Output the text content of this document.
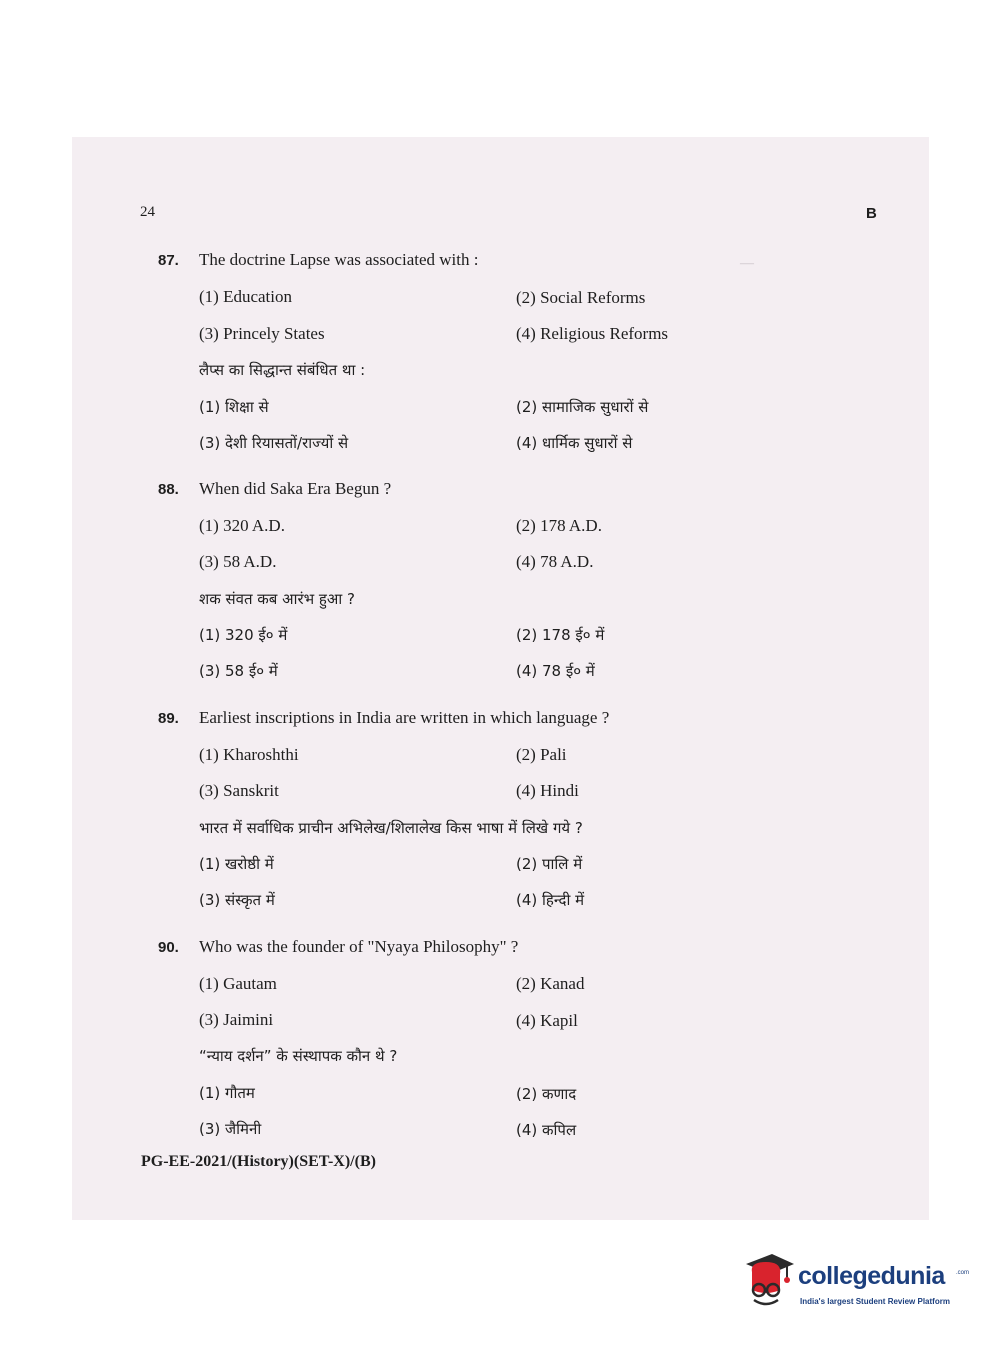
—
24	B
87. The doctrine Lapse was associated with :
(1) Education	(2) Social Reforms
(3) Princely States	(4) Religious Reforms
लैप्स का सिद्धान्त संबंधित था :
(1) शिक्षा से	(2) सामाजिक सुधारों से
(3) देशी रियासतों/राज्यों से	(4) धार्मिक सुधारों से
88. When did Saka Era Begun ?
(1) 320 A.D.	(2) 178 A.D.
(3) 58 A.D.	(4) 78 A.D.
शक संवत कब आरंभ हुआ ?
(1) 320 ई० में	(2) 178 ई० में
(3) 58 ई० में	(4) 78 ई० में
89. Earliest inscriptions in India are written in which language ?
(1) Kharoshthi	(2) Pali
(3) Sanskrit	(4) Hindi
भारत में सर्वाधिक प्राचीन अभिलेख/शिलालेख किस भाषा में लिखे गये ?
(1) खरोष्ठी में	(2) पालि में
(3) संस्कृत में	(4) हिन्दी में
90. Who was the founder of "Nyaya Philosophy" ?
(1) Gautam	(2) Kanad
(3) Jaimini	(4) Kapil
“न्याय दर्शन” के संस्थापक कौन थे ?
(1) गौतम	(2) कणाद
(3) जैमिनी	(4) कपिल
PG-EE-2021/(History)(SET-X)/(B)
collegedunia .com
India's largest Student Review Platform
